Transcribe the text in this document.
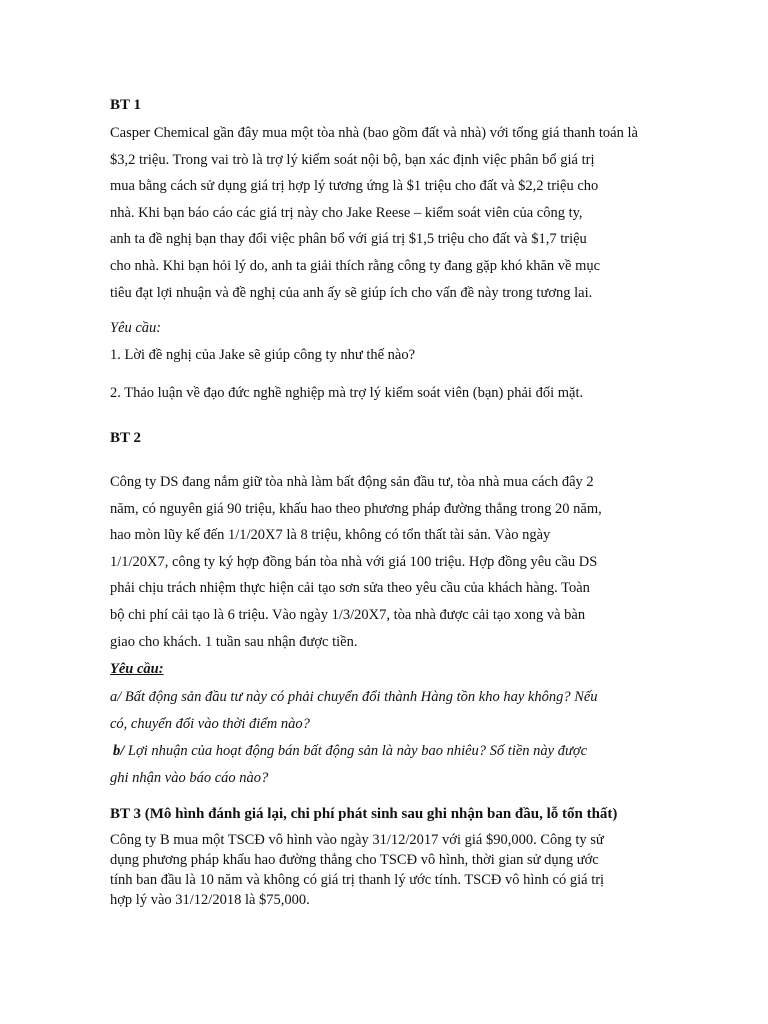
BT 1
Casper Chemical gần đây mua một tòa nhà (bao gồm đất và nhà) với tổng giá thanh toán là
$3,2 triệu. Trong vai trò là trợ lý kiểm soát nội bộ, bạn xác định việc phân bổ giá trị
mua bằng cách sử dụng giá trị hợp lý tương ứng là $1 triệu cho đất và $2,2 triệu cho
nhà. Khi bạn báo cáo các giá trị này cho Jake Reese – kiểm soát viên của công ty,
anh ta đề nghị bạn thay đổi việc phân bổ với giá trị $1,5 triệu cho đất và $1,7 triệu
cho nhà. Khi bạn hỏi lý do, anh ta giải thích rằng công ty đang gặp khó khăn về mục
tiêu đạt lợi nhuận và đề nghị của anh ấy sẽ giúp ích cho vấn đề này trong tương lai.
Yêu cầu:
1. Lời đề nghị của Jake sẽ giúp công ty như thế nào?
2. Thảo luận về đạo đức nghề nghiệp mà trợ lý kiểm soát viên (bạn) phải đối mặt.
BT 2
Công ty DS đang nắm giữ tòa nhà làm bất động sản đầu tư, tòa nhà mua cách đây 2
năm, có nguyên giá 90 triệu, khấu hao theo phương pháp đường thẳng trong 20 năm,
hao mòn lũy kế đến 1/1/20X7 là 8 triệu, không có tổn thất tài sản. Vào ngày
1/1/20X7, công ty ký hợp đồng bán tòa nhà với giá 100 triệu. Hợp đồng yêu cầu DS
phải chịu trách nhiệm thực hiện cải tạo sơn sửa theo yêu cầu của khách hàng. Toàn
bộ chi phí cải tạo là 6 triệu. Vào ngày 1/3/20X7, tòa nhà được cải tạo xong và bàn
giao cho khách. 1 tuần sau nhận được tiền.
Yêu cầu:
a/ Bất động sản đầu tư này có phải chuyển đổi thành Hàng tồn kho hay không? Nếu
có, chuyển đổi vào thời điểm nào?
b/ Lợi nhuận của hoạt động bán bất động sản là này bao nhiêu? Số tiền này được
ghi nhận vào báo cáo nào?
BT 3 (Mô hình đánh giá lại, chi phí phát sinh sau ghi nhận ban đầu, lỗ tổn thất)
Công ty B mua một TSCĐ vô hình vào ngày 31/12/2017 với giá $90,000. Công ty sử
dụng phương pháp khấu hao đường thẳng cho TSCĐ vô hình, thời gian sử dụng ước
tính ban đầu là 10 năm và không có giá trị thanh lý ước tính. TSCĐ vô hình có giá trị
hợp lý vào 31/12/2018 là $75,000.
